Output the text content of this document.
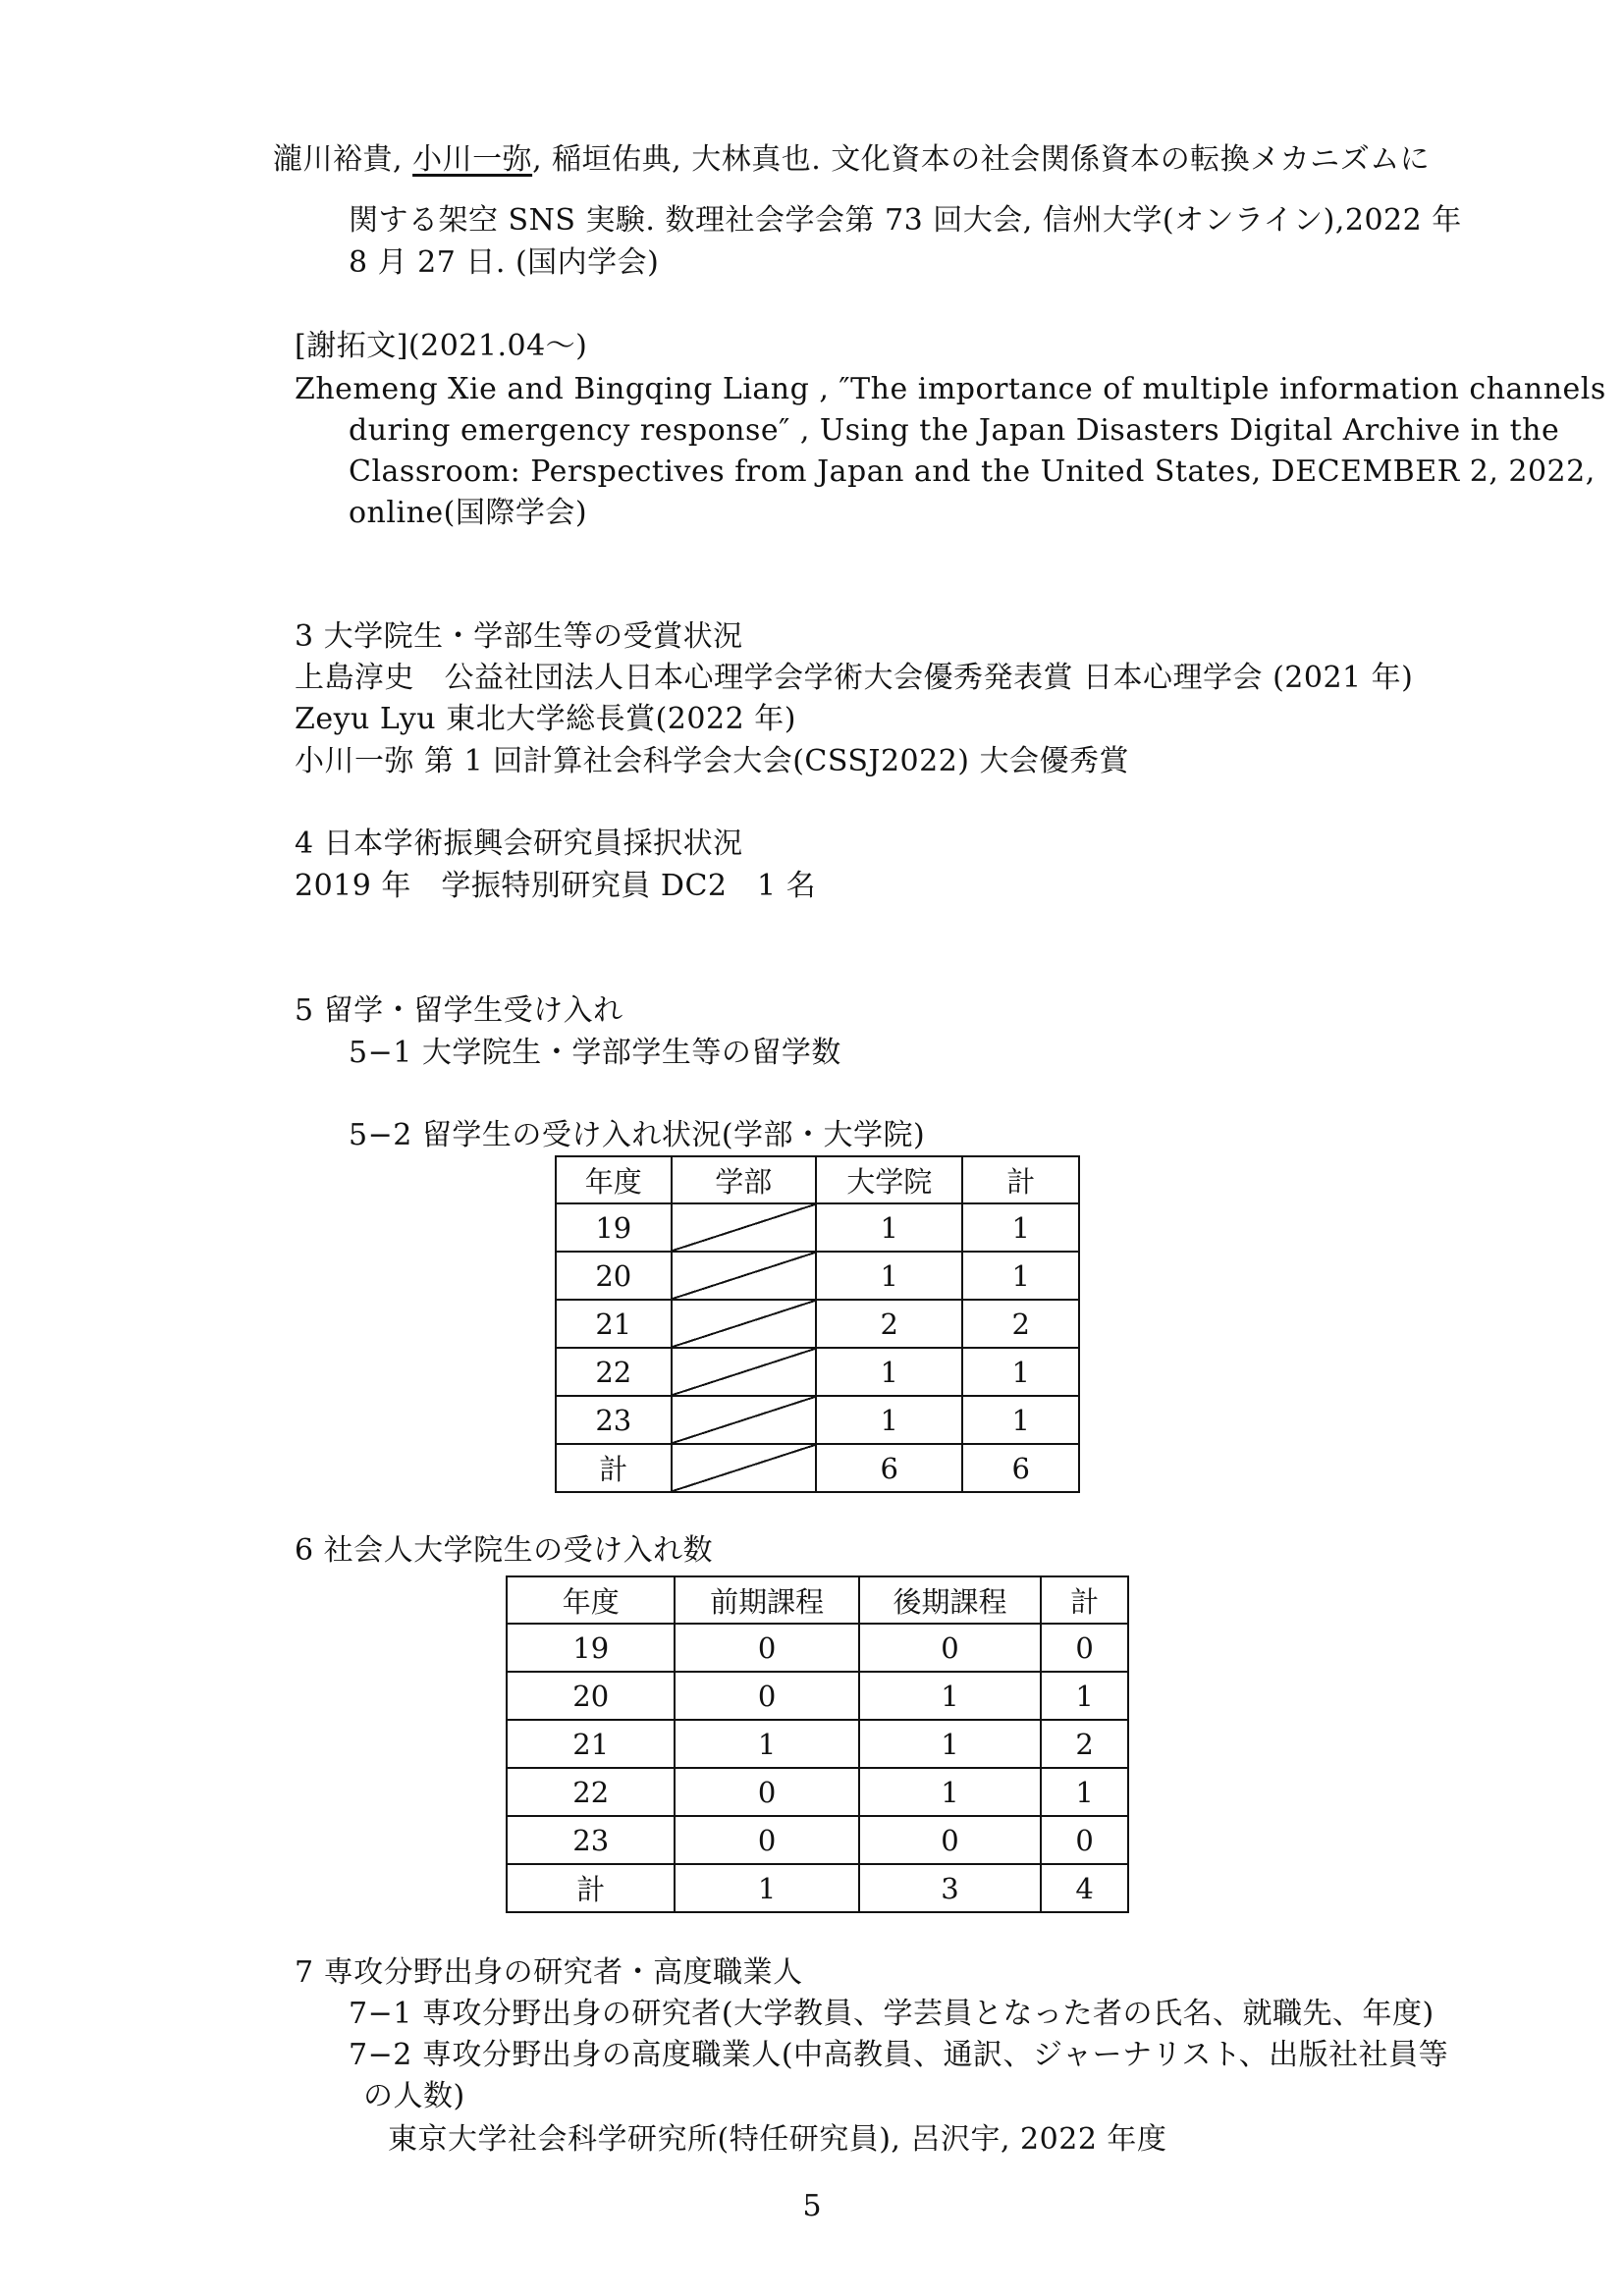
瀧川裕貴, 小川一弥, 稲垣佑典, 大林真也. 文化資本の社会関係資本の転換メカニズムに
関する架空 SNS 実験. 数理社会学会第 73 回大会, 信州大学(オンライン),2022 年
8 月 27 日. (国内学会)
[謝拓文](2021.04〜)
Zhemeng Xie and Bingqing Liang , ″The importance of multiple information channels
during emergency response″ , Using the Japan Disasters Digital Archive in the
Classroom: Perspectives from Japan and the United States, DECEMBER 2, 2022,
online(国際学会)
3 大学院生・学部生等の受賞状況
上島淳史　公益社団法人日本心理学会学術大会優秀発表賞 日本心理学会 (2021 年)
Zeyu Lyu 東北大学総長賞(2022 年)
小川一弥 第 1 回計算社会科学会大会(CSSJ2022) 大会優秀賞
4 日本学術振興会研究員採択状況
2019 年　学振特別研究員 DC2　1 名
5 留学・留学生受け入れ
5−1 大学院生・学部学生等の留学数
5−2 留学生の受け入れ状況(学部・大学院)
年度	学部	大学院	計
19		1	1
20		1	1
21		2	2
22		1	1
23		1	1
計		6	6
6 社会人大学院生の受け入れ数
年度	前期課程	後期課程	計
19	0	0	0
20	0	1	1
21	1	1	2
22	0	1	1
23	0	0	0
計	1	3	4
7 専攻分野出身の研究者・高度職業人
7−1 専攻分野出身の研究者(大学教員、学芸員となった者の氏名、就職先、年度)
7−2 専攻分野出身の高度職業人(中高教員、通訳、ジャーナリスト、出版社社員等
の人数)
東京大学社会科学研究所(特任研究員), 呂沢宇, 2022 年度
5
